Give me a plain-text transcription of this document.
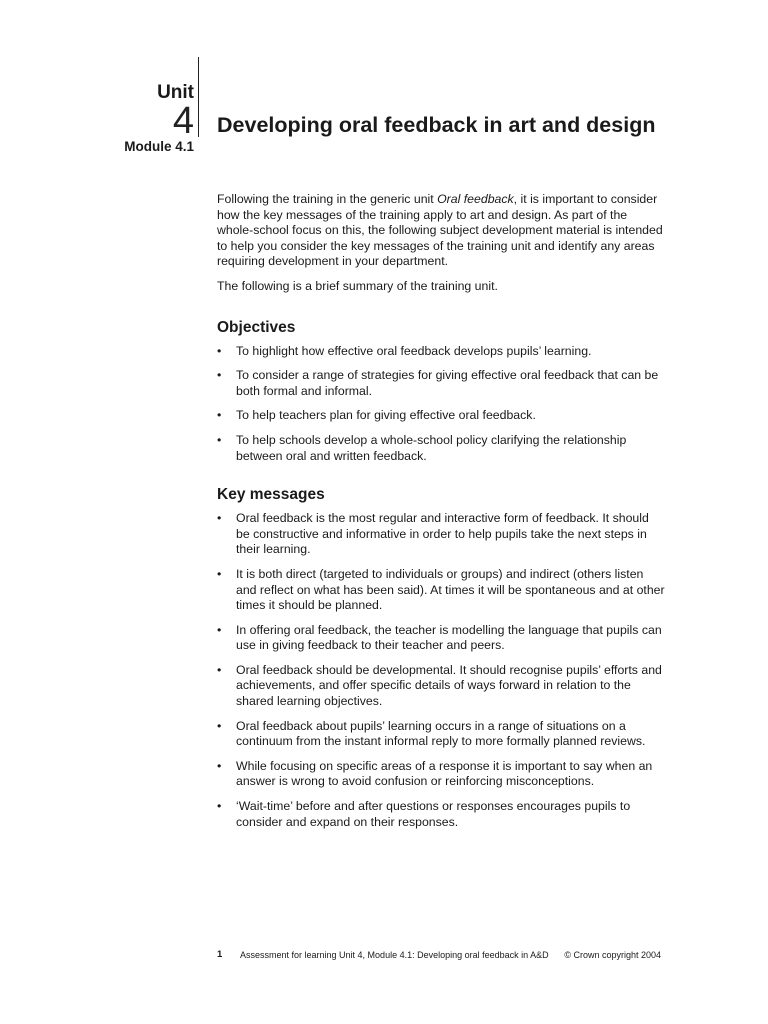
Unit
4
Module 4.1
Developing oral feedback in art and design

Following the training in the generic unit Oral feedback, it is important to consider how the key messages of the training apply to art and design. As part of the whole-school focus on this, the following subject development material is intended to help you consider the key messages of the training unit and identify any areas requiring development in your department.

The following is a brief summary of the training unit.

Objectives
• To highlight how effective oral feedback develops pupils’ learning.
• To consider a range of strategies for giving effective oral feedback that can be both formal and informal.
• To help teachers plan for giving effective oral feedback.
• To help schools develop a whole-school policy clarifying the relationship between oral and written feedback.
Key messages
• Oral feedback is the most regular and interactive form of feedback. It should be constructive and informative in order to help pupils take the next steps in their learning.
• It is both direct (targeted to individuals or groups) and indirect (others listen and reflect on what has been said). At times it will be spontaneous and at other times it should be planned.
• In offering oral feedback, the teacher is modelling the language that pupils can use in giving feedback to their teacher and peers.
• Oral feedback should be developmental. It should recognise pupils’ efforts and achievements, and offer specific details of ways forward in relation to the shared learning objectives.
• Oral feedback about pupils’ learning occurs in a range of situations on a continuum from the instant informal reply to more formally planned reviews.
• While focusing on specific areas of a response it is important to say when an answer is wrong to avoid confusion or reinforcing misconceptions.
• ‘Wait-time’ before and after questions or responses encourages pupils to consider and expand on their responses.
1 Assessment for learning Unit 4, Module 4.1: Developing oral feedback in A&D © Crown copyright 2004
